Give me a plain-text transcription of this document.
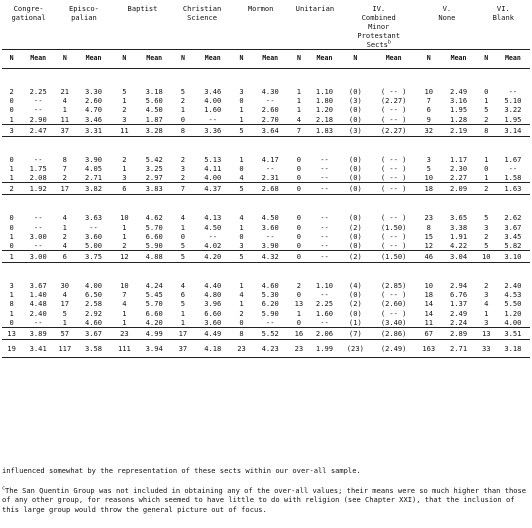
Congre-
gational		Episco-
palian		Baptist		Christian
Science		Mormon		Unitarian		IV.
Combined
Minor
Protestant
Sects$^b$		V.
None		VI.
Blank	
N	Mean	N	Mean	N	Mean	N	Mean	N	Mean	N	Mean	N	Mean	N	Mean	N	Mean
2	2.25	21	3.30	5	3.18	5	3.46	3	4.30	1	1.10	(0)	( -- )	10	2.49	0	--
0	--	4	2.60	1	5.60	2	4.00	0	--	1	1.80	(3)	(2.27)	7	3.16	1	5.10
0	--	1	4.70	2	4.50	1	1.60	1	2.60	1	1.20	(0)	( -- )	6	1.95	5	3.22
1	2.90	11	3.46	3	1.87	0	--	1	2.70	4	2.18	(0)	( -- )	9	1.28	2	1.95
3	2.47	37	3.31	11	3.28	8	3.36	5	3.64	7	1.83	(3)	(2.27)	32	2.19	8	3.14
0	--	8	3.90	2	5.42	2	5.13	1	4.17	0	--	(0)	( -- )	3	1.17	1	1.67
1	1.75	7	4.05	1	3.25	3	4.11	0	--	0	--	(0)	( -- )	5	2.30	0	--
1	2.08	2	2.71	3	2.97	2	4.00	4	2.31	0	--	(0)	( -- )	10	2.27	1	1.58
2	1.92	17	3.82	6	3.83	7	4.37	5	2.68	0	--	(0)	( -- )	18	2.09	2	1.63
0	--	4	3.63	10	4.62	4	4.13	4	4.50	0	--	(0)	( -- )	23	3.65	5	2.62
0	--	1	--	1	5.70	1	4.50	1	3.60	0	--	(2)	(1.50)	8	3.38	3	3.67
1	3.00	2	3.60	1	6.60	0	--	0	--	0	--	(0)	( -- )	15	1.91	2	3.45
0	--	4	5.00	2	5.90	5	4.02	3	3.90	0	--	(0)	( -- )	12	4.22	5	5.82
1	3.00	6	3.75	12	4.88	5	4.20	5	4.32	0	--	(2)	(1.50)	46	3.04	10	3.10
3	3.67	30	4.00	10	4.24	4	4.40	1	4.60	2	1.10	(4)	(2.85)	10	2.94	2	2.40
1	1.40	4	6.50	7	5.45	6	4.80	4	5.30	0	--	(0)	( -- )	18	6.76	3	4.53
8	4.48	17	2.58	4	5.70	5	3.96	1	6.20	13	2.25	(2)	(2.60)	14	1.37	4	5.50
1	2.40	5	2.92	1	6.60	1	6.60	2	5.90	1	1.60	(0)	( -- )	14	2.49	1	1.20
0	--	1	4.60	1	4.20	1	3.60	0	--	0	--	(1)	(3.40)	11	2.24	3	4.00
13	3.89	57	3.67	23	4.99	17	4.49	8	5.52	16	2.06	(7)	(2.86)	67	2.89	13	3.51
19	3.41	117	3.58	111	3.94	37	4.18	23	4.23	23	1.99	(23)	(2.49)	163	2.71	33	3.18
influenced somewhat by the representation of these sects within our over-all sample.
$^c$The San Quentin Group was not included in obtaining any of the over-all values; their means were so much higher than those of any other group, for reasons which seemed to have little to do with religion (see Chapter XXI), that the inclusion of this large group would throw the general picture out of focus.
